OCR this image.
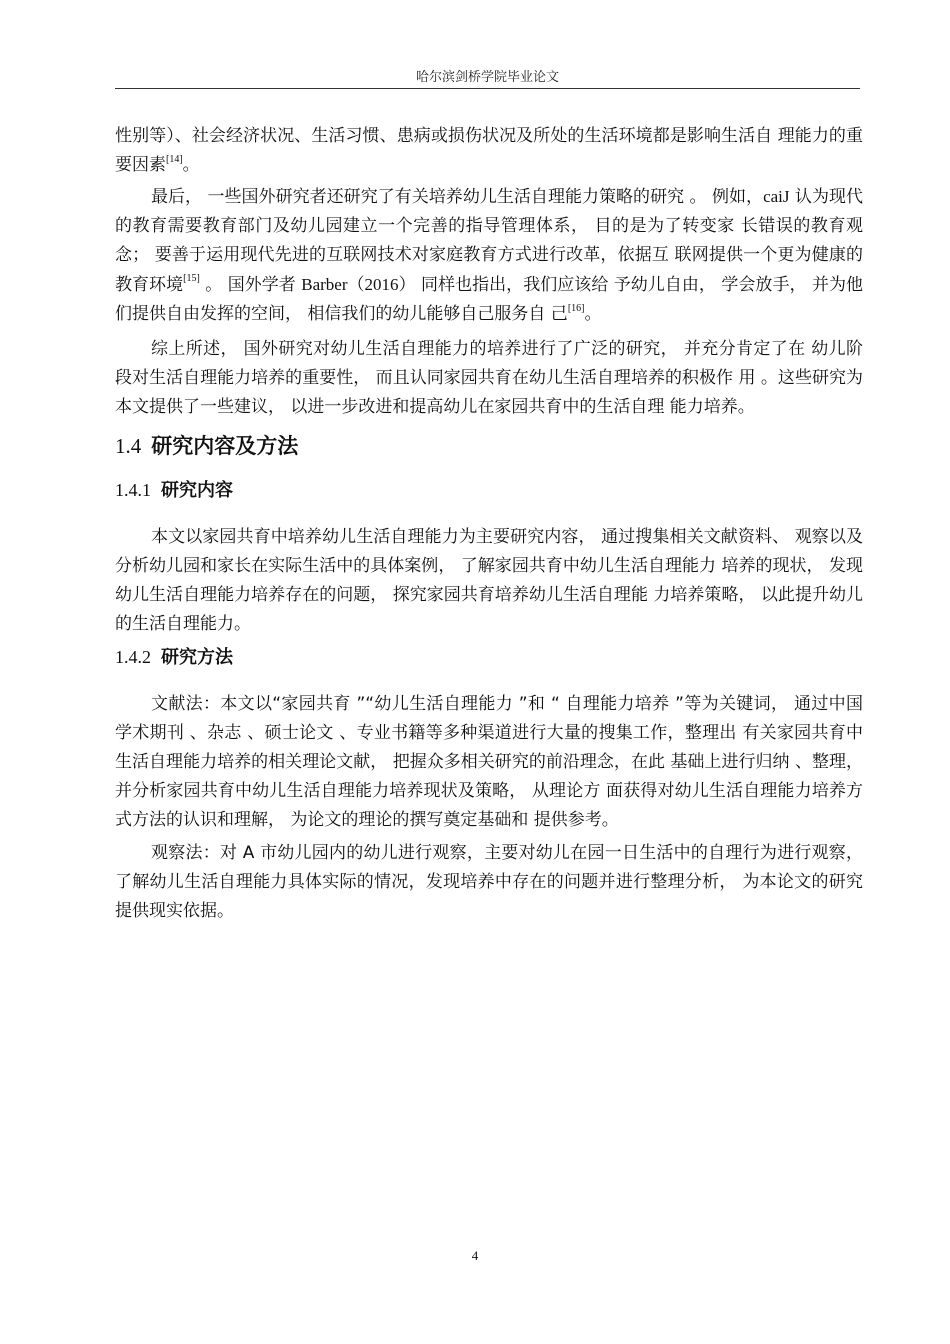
哈尔滨剑桥学院毕业论文

性别等）、社会经济状况、生活习惯、患病或损伤状况及所处的生活环境都是影响生活自 理能力的重要因素[14]。

最后， 一些国外研究者还研究了有关培养幼儿生活自理能力策略的研究 。 例如，caiJ 认为现代的教育需要教育部门及幼儿园建立一个完善的指导管理体系， 目的是为了转变家 长错误的教育观念； 要善于运用现代先进的互联网技术对家庭教育方式进行改革，依据互 联网提供一个更为健康的教育环境[15] 。 国外学者 Barber（2016） 同样也指出，我们应该给 予幼儿自由， 学会放手， 并为他们提供自由发挥的空间， 相信我们的幼儿能够自己服务自 己[16]。

综上所述， 国外研究对幼儿生活自理能力的培养进行了广泛的研究， 并充分肯定了在 幼儿阶段对生活自理能力培养的重要性， 而且认同家园共育在幼儿生活自理培养的积极作 用 。这些研究为本文提供了一些建议， 以进一步改进和提高幼儿在家园共育中的生活自理 能力培养。

1.4 研究内容及方法
1.4.1 研究内容

本文以家园共育中培养幼儿生活自理能力为主要研究内容， 通过搜集相关文献资料、 观察以及分析幼儿园和家长在实际生活中的具体案例， 了解家园共育中幼儿生活自理能力 培养的现状， 发现幼儿生活自理能力培养存在的问题， 探究家园共育培养幼儿生活自理能 力培养策略， 以此提升幼儿的生活自理能力。

1.4.2 研究方法

文献法：本文以“家园共育 ”“幼儿生活自理能力 ”和 “ 自理能力培养 ”等为关键词， 通过中国学术期刊 、杂志 、硕士论文 、专业书籍等多种渠道进行大量的搜集工作，整理出 有关家园共育中生活自理能力培养的相关理论文献， 把握众多相关研究的前沿理念，在此 基础上进行归纳 、整理， 并分析家园共育中幼儿生活自理能力培养现状及策略， 从理论方 面获得对幼儿生活自理能力培养方式方法的认识和理解， 为论文的理论的撰写奠定基础和 提供参考。

观察法：对 A 市幼儿园内的幼儿进行观察，主要对幼儿在园一日生活中的自理行为进行观察，了解幼儿生活自理能力具体实际的情况，发现培养中存在的问题并进行整理分析， 为本论文的研究提供现实依据。

4
